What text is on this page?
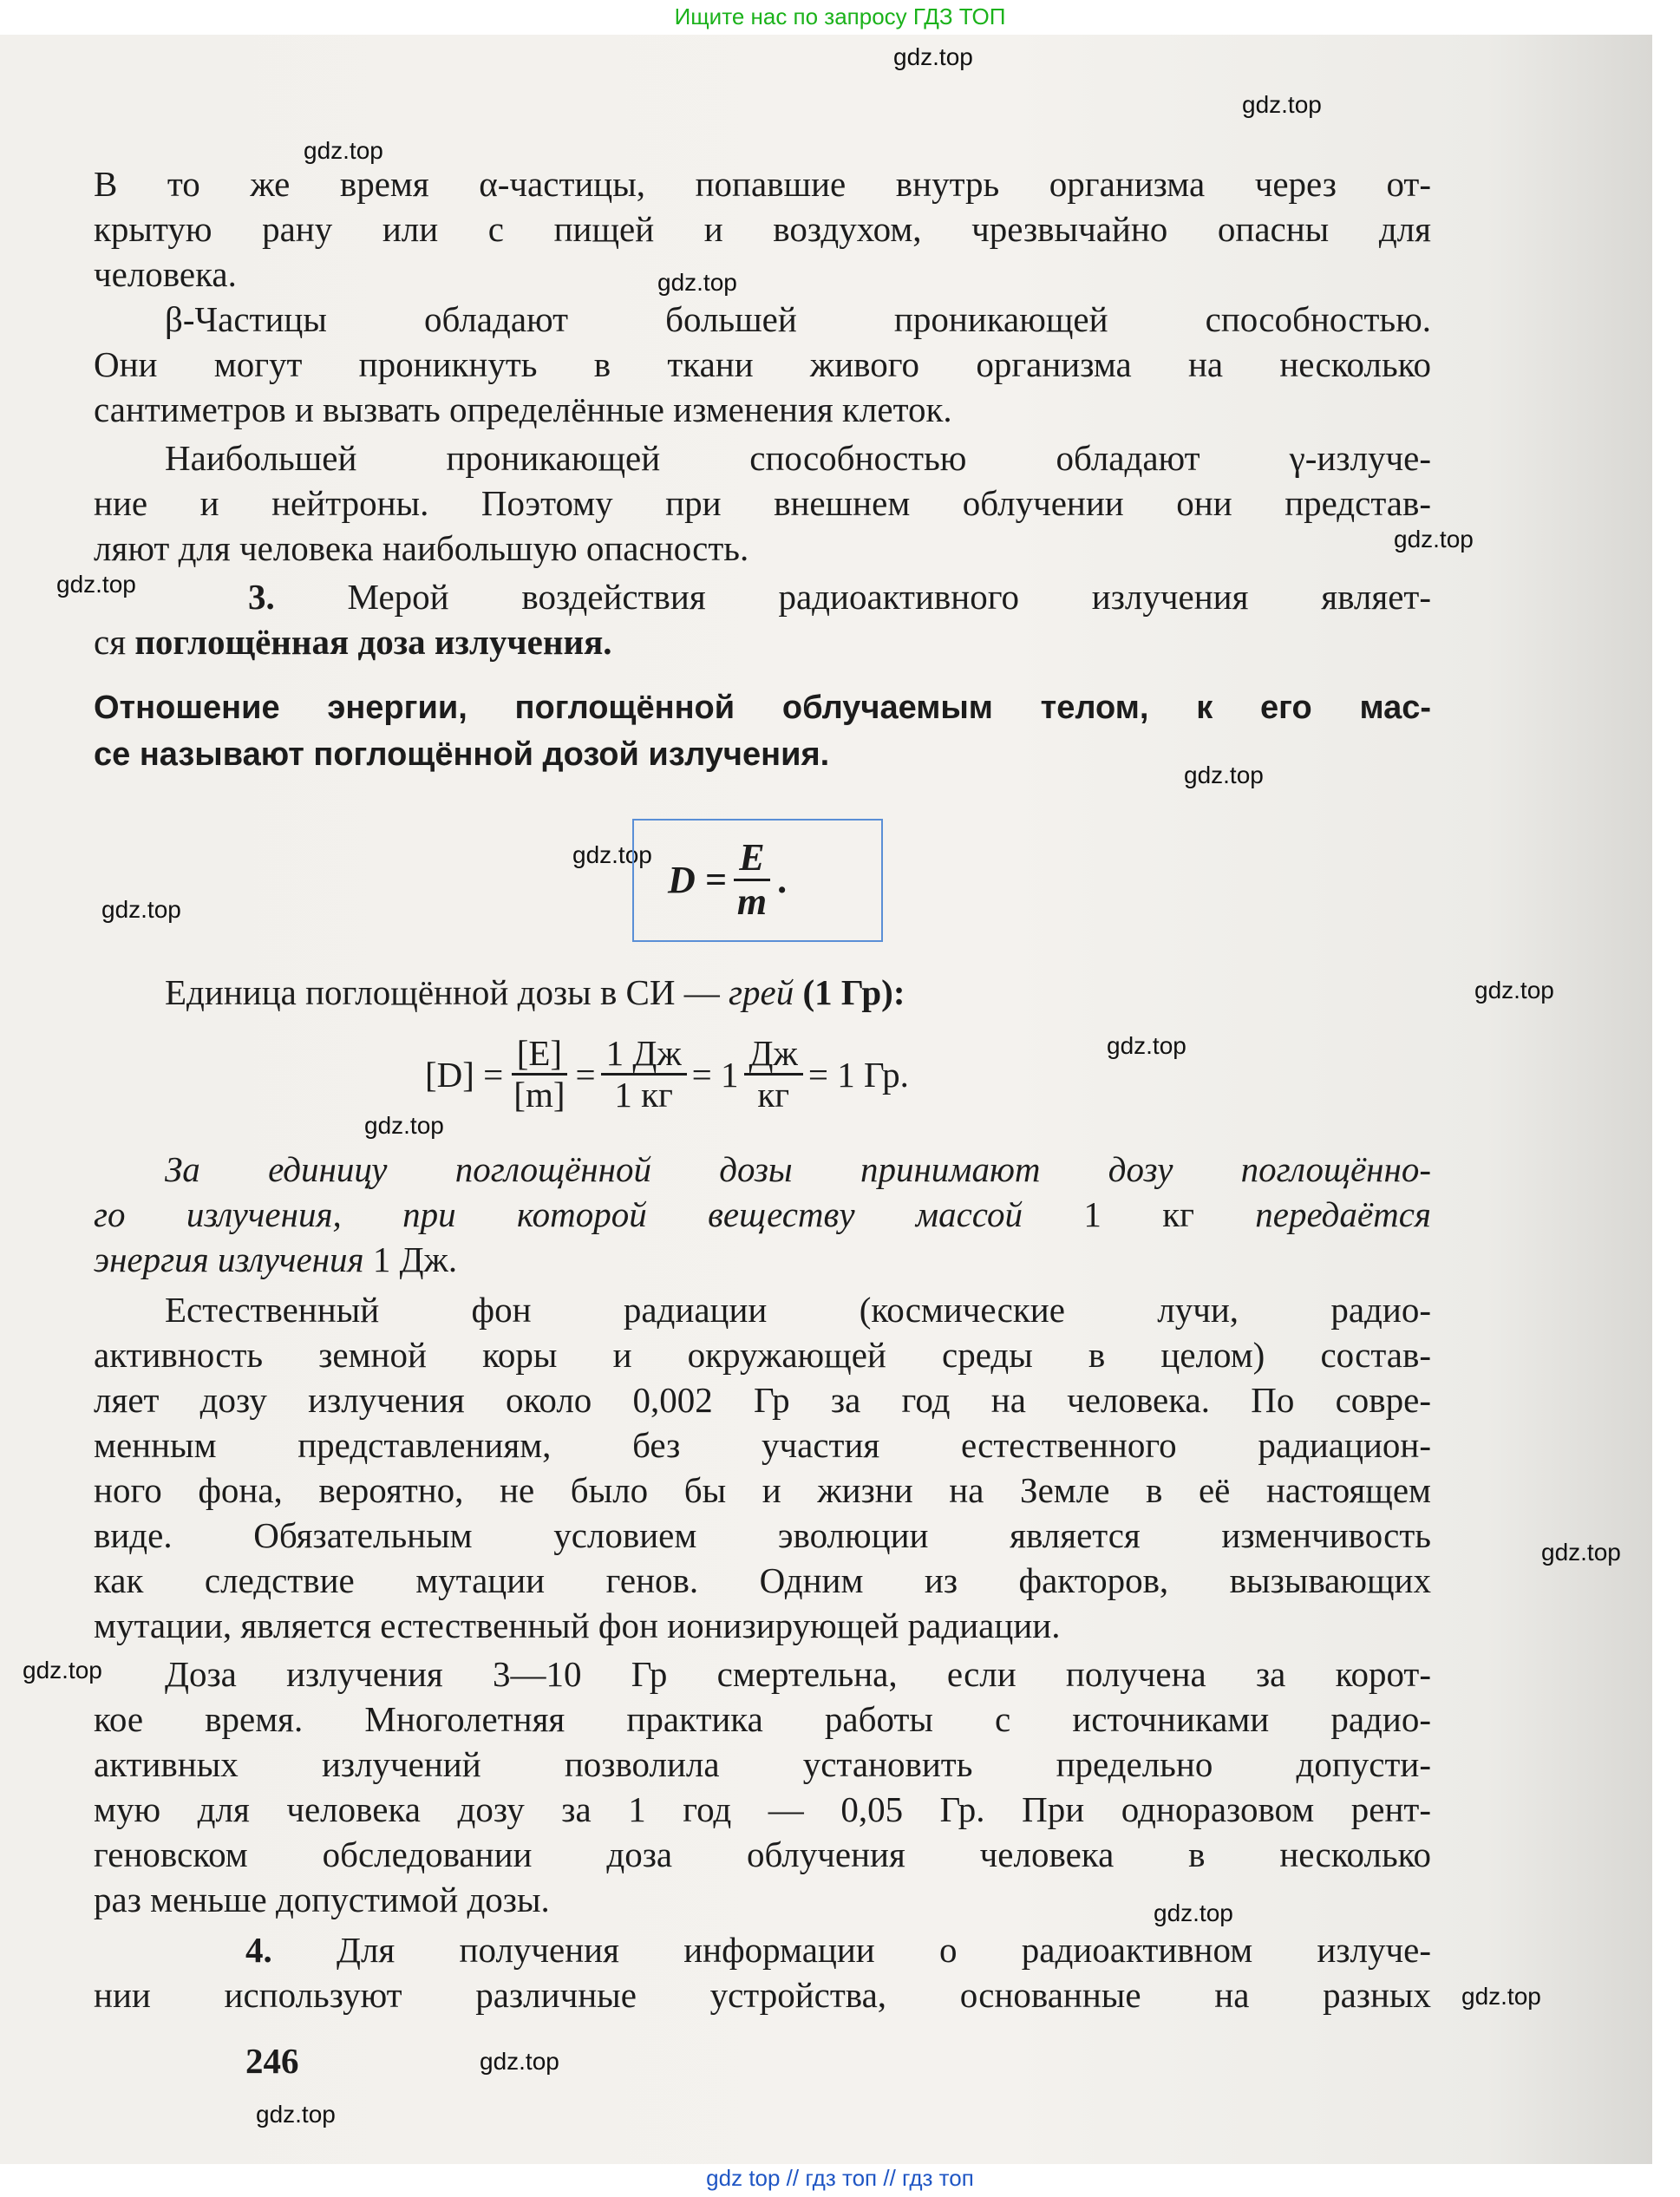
Ищите нас по запросу ГДЗ ТОП
gdz.top
gdz.top
gdz.top
gdz.top
gdz.top
gdz.top
gdz.top
gdz.top
gdz.top
gdz.top
gdz.top
gdz.top
gdz.top
gdz.top
gdz.top
gdz.top
gdz.top
gdz.top
В то же время α-частицы, попавшие внутрь организма через от-
крытую рану или с пищей и воздухом, чрезвычайно опасны для
человека.
β-Частицы обладают большей проникающей способностью.
Они могут проникнуть в ткани живого организма на несколько
сантиметров и вызвать определённые изменения клеток.
Наибольшей проникающей способностью обладают γ-излуче-
ние и нейтроны. Поэтому при внешнем облучении они представ-
ляют для человека наибольшую опасность.
3. Мерой воздействия радиоактивного излучения являет-
ся поглощённая доза излучения.
Отношение энергии, поглощённой облучаемым телом, к его мас-
се называют поглощённой дозой излучения.
$D = \frac{E}{m}$ .
Единица поглощённой дозы в СИ — грей (1 Гр):
$[D] = \frac{[E]}{[m]} = \frac{1 Дж}{1 кг} = 1 \frac{Дж}{кг} = 1$ Гр.
За единицу поглощённой дозы принимают дозу поглощённо-
го излучения, при которой веществу массой 1 кг передаётся
энергия излучения 1 Дж.
Естественный фон радиации (космические лучи, радио-
активность земной коры и окружающей среды в целом) состав-
ляет дозу излучения около 0,002 Гр за год на человека. По совре-
менным представлениям, без участия естественного радиацион-
ного фона, вероятно, не было бы и жизни на Земле в её настоящем
виде. Обязательным условием эволюции является изменчивость
как следствие мутации генов. Одним из факторов, вызывающих
мутации, является естественный фон ионизирующей радиации.
Доза излучения 3—10 Гр смертельна, если получена за корот-
кое время. Многолетняя практика работы с источниками радио-
активных излучений позволила установить предельно допусти-
мую для человека дозу за 1 год — 0,05 Гр. При одноразовом рент-
геновском обследовании доза облучения человека в несколько
раз меньше допустимой дозы.
4. Для получения информации о радиоактивном излуче-
нии используют различные устройства, основанные на разных
246
gdz top // гдз топ // гдз топ
